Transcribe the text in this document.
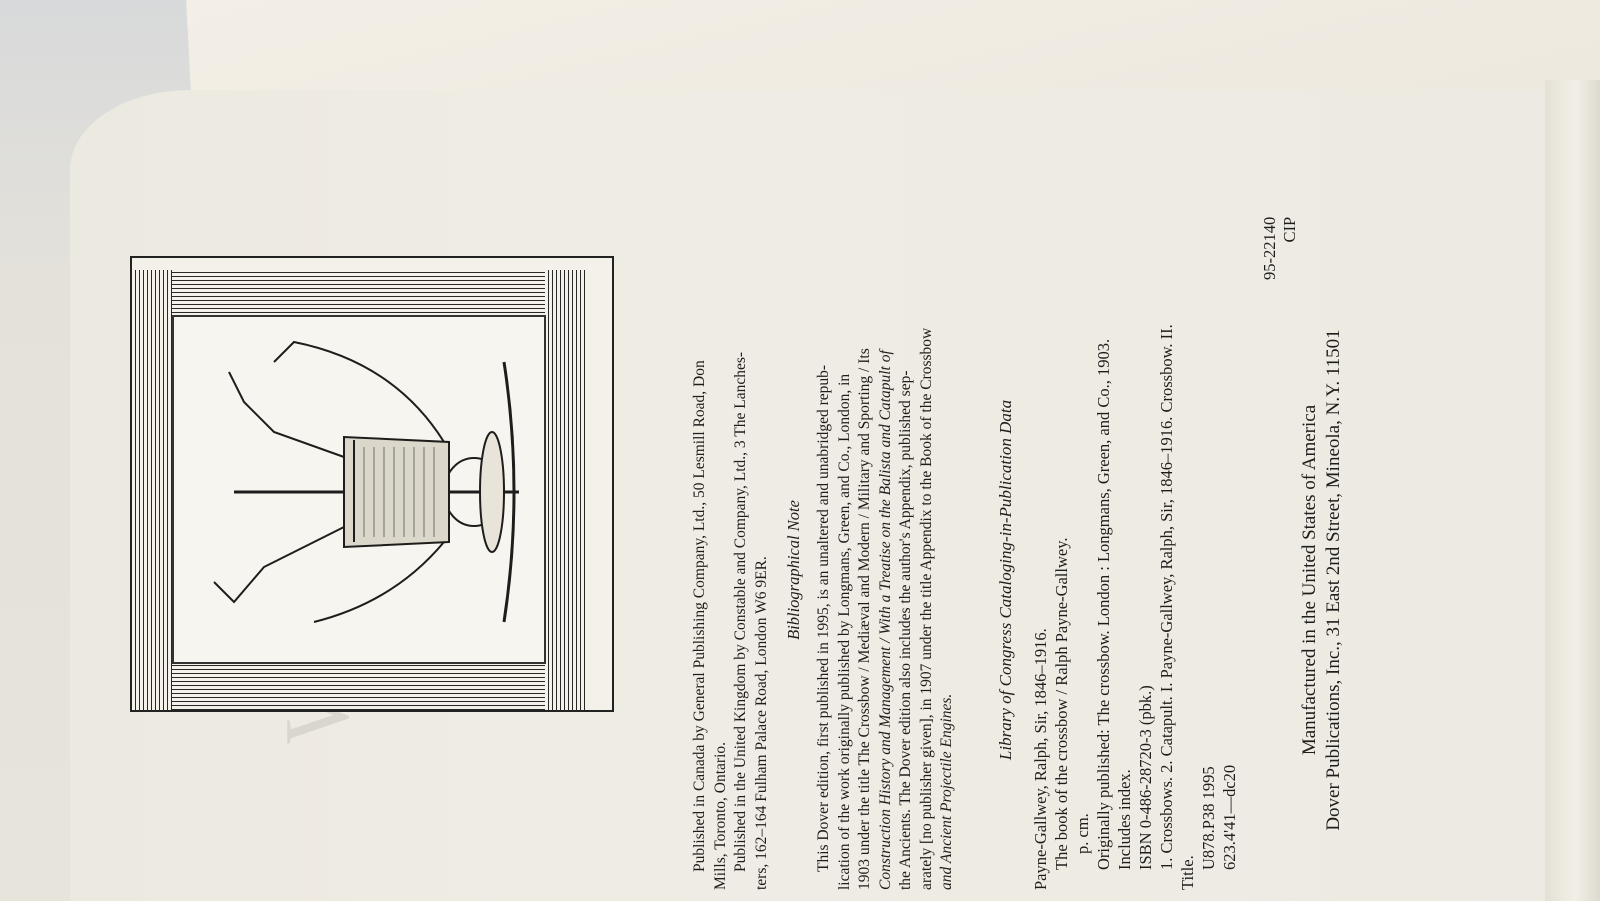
Published in Canada by General Publishing Company, Ltd., 50 Lesmill Road, Don Mills, Toronto, Ontario. Published in the United Kingdom by Constable and Company, Ltd., 3 The Lanches- ters, 162–164 Fulham Palace Road, London W6 9ER. Bibliographical Note This Dover edition, first published in 1995, is an unaltered and unabridged repub- lication of the work originally published by Longmans, Green, and Co., London, in 1903 under the title The Crossbow / Mediæval and Modern / Military and Sporting / Its Construction History and Management / With a Treatise on the Balista and Catapult of the Ancients. The Dover edition also includes the author's Appendix, published sep- arately [no publisher given], in 1907 under the title Appendix to the Book of the Crossbow and Ancient Projectile Engines.
Library of Congress Cataloging-in-Publication Data Payne-Gallwey, Ralph, Sir, 1846–1916. The book of the crossbow / Ralph Payne-Gallwey. p. cm. Originally published: The crossbow. London : Longmans, Green, and Co., 1903. Includes index. ISBN 0-486-28720-3 (pbk.) 1. Crossbows. 2. Catapult. I. Payne-Gallwey, Ralph, Sir, 1846–1916. Crossbow. II.
Title.
U878.P38 1995 623.4'41—dc20
95-22140 CIP
Manufactured in the United States of America Dover Publications, Inc., 31 East 2nd Street, Mineola, N.Y. 11501
